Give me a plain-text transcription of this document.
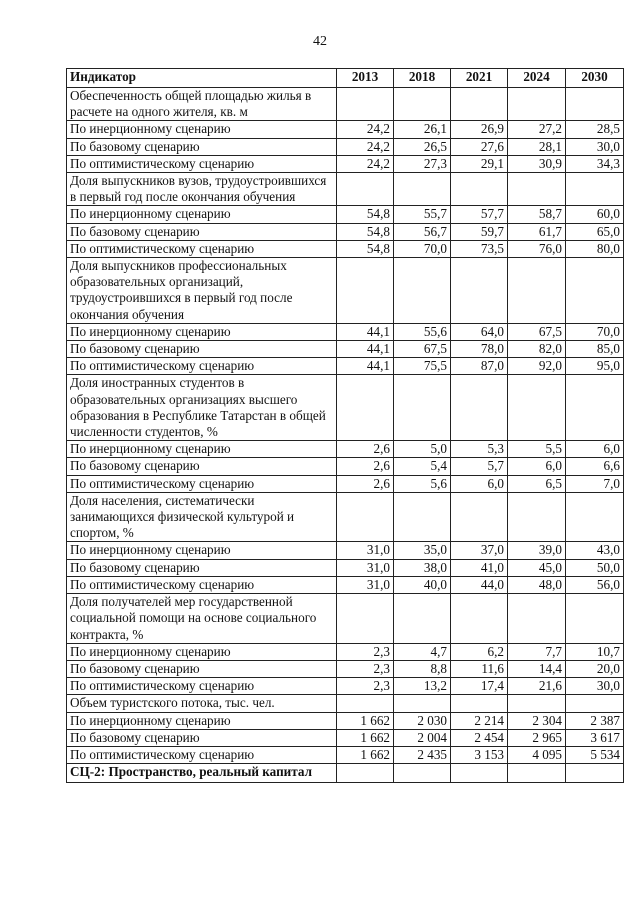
42
Индикатор	2013	2018	2021	2024	2030
Обеспеченность общей площадью жилья в расчете на одного жителя, кв. м					
По инерционному сценарию	24,2	26,1	26,9	27,2	28,5
По базовому сценарию	24,2	26,5	27,6	28,1	30,0
По оптимистическому сценарию	24,2	27,3	29,1	30,9	34,3
Доля выпускников вузов, трудоустроившихся в первый год после окончания обучения					
По инерционному сценарию	54,8	55,7	57,7	58,7	60,0
По базовому сценарию	54,8	56,7	59,7	61,7	65,0
По оптимистическому сценарию	54,8	70,0	73,5	76,0	80,0
Доля выпускников профессиональных образовательных организаций, трудоустроившихся в первый год после окончания обучения					
По инерционному сценарию	44,1	55,6	64,0	67,5	70,0
По базовому сценарию	44,1	67,5	78,0	82,0	85,0
По оптимистическому сценарию	44,1	75,5	87,0	92,0	95,0
Доля иностранных студентов в образовательных организациях высшего образования в Республике Татарстан в общей численности студентов, %					
По инерционному сценарию	2,6	5,0	5,3	5,5	6,0
По базовому сценарию	2,6	5,4	5,7	6,0	6,6
По оптимистическому сценарию	2,6	5,6	6,0	6,5	7,0
Доля населения, систематически занимающихся физической культурой и спортом, %					
По инерционному сценарию	31,0	35,0	37,0	39,0	43,0
По базовому сценарию	31,0	38,0	41,0	45,0	50,0
По оптимистическому сценарию	31,0	40,0	44,0	48,0	56,0
Доля получателей мер государственной социальной помощи на основе социального контракта, %					
По инерционному сценарию	2,3	4,7	6,2	7,7	10,7
По базовому сценарию	2,3	8,8	11,6	14,4	20,0
По оптимистическому сценарию	2,3	13,2	17,4	21,6	30,0
Объем туристского потока, тыс. чел.					
По инерционному сценарию	1 662	2 030	2 214	2 304	2 387
По базовому сценарию	1 662	2 004	2 454	2 965	3 617
По оптимистическому сценарию	1 662	2 435	3 153	4 095	5 534
СЦ-2: Пространство, реальный капитал					
